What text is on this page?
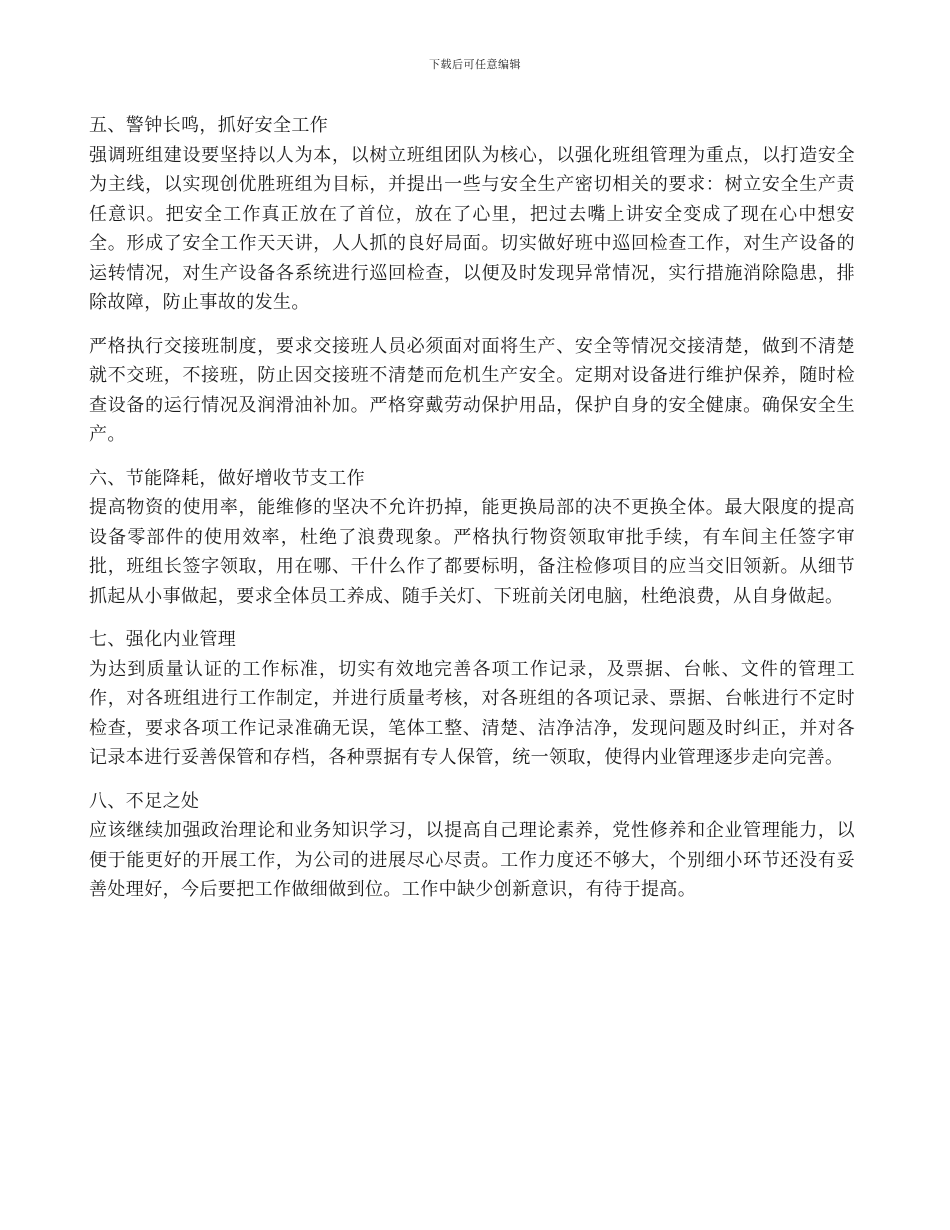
下载后可任意编辑

五、警钟长鸣，抓好安全工作

强调班组建设要坚持以人为本，以树立班组团队为核心，以强化班组管理为重点，以打造安全为主线，以实现创优胜班组为目标，并提出一些与安全生产密切相关的要求：树立安全生产责任意识。把安全工作真正放在了首位，放在了心里，把过去嘴上讲安全变成了现在心中想安全。形成了安全工作天天讲，人人抓的良好局面。切实做好班中巡回检查工作，对生产设备的运转情况，对生产设备各系统进行巡回检查，以便及时发现异常情况，实行措施消除隐患，排除故障，防止事故的发生。

严格执行交接班制度，要求交接班人员必须面对面将生产、安全等情况交接清楚，做到不清楚就不交班，不接班，防止因交接班不清楚而危机生产安全。定期对设备进行维护保养，随时检查设备的运行情况及润滑油补加。严格穿戴劳动保护用品，保护自身的安全健康。确保安全生产。

六、节能降耗，做好增收节支工作

提高物资的使用率，能维修的坚决不允许扔掉，能更换局部的决不更换全体。最大限度的提高设备零部件的使用效率，杜绝了浪费现象。严格执行物资领取审批手续，有车间主任签字审批，班组长签字领取，用在哪、干什么作了都要标明，备注检修项目的应当交旧领新。从细节抓起从小事做起，要求全体员工养成、随手关灯、下班前关闭电脑，杜绝浪费，从自身做起。

七、强化内业管理

为达到质量认证的工作标准，切实有效地完善各项工作记录，及票据、台帐、文件的管理工作，对各班组进行工作制定，并进行质量考核，对各班组的各项记录、票据、台帐进行不定时检查，要求各项工作记录准确无误，笔体工整、清楚、洁净洁净，发现问题及时纠正，并对各记录本进行妥善保管和存档，各种票据有专人保管，统一领取，使得内业管理逐步走向完善。

八、不足之处

应该继续加强政治理论和业务知识学习，以提高自己理论素养，党性修养和企业管理能力，以便于能更好的开展工作，为公司的进展尽心尽责。工作力度还不够大，个别细小环节还没有妥善处理好，今后要把工作做细做到位。工作中缺少创新意识，有待于提高。
